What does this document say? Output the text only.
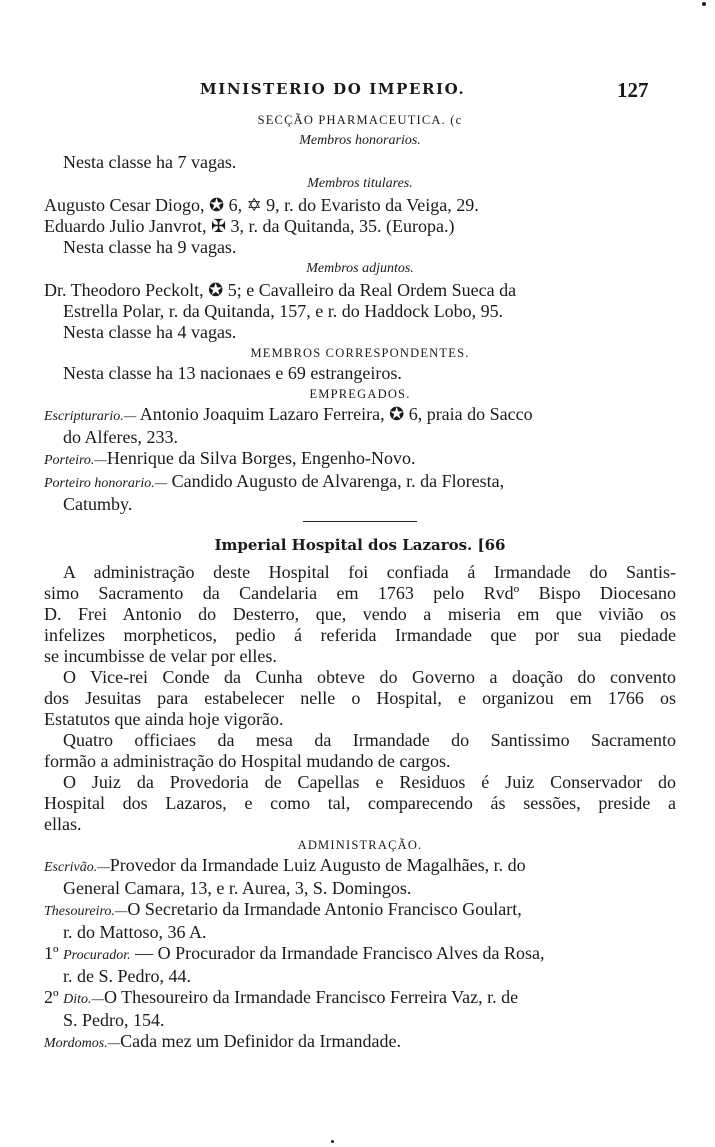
MINISTERIO DO IMPERIO.	127
SECÇÃO PHARMACEUTICA. (c
Membros honorarios.
Nesta classe ha 7 vagas.
Membros titulares.
Augusto Cesar Diogo, ✪ 6, ✡ 9, r. do Evaristo da Veiga, 29.
Eduardo Julio Janvrot, ✠ 3, r. da Quitanda, 35. (Europa.)
Nesta classe ha 9 vagas.
Membros adjuntos.
Dr. Theodoro Peckolt, ✪ 5; e Cavalleiro da Real Ordem Sueca da
Estrella Polar, r. da Quitanda, 157, e r. do Haddock Lobo, 95.
Nesta classe ha 4 vagas.
MEMBROS CORRESPONDENTES.
Nesta classe ha 13 nacionaes e 69 estrangeiros.
EMPREGADOS.
Escripturario.— Antonio Joaquim Lazaro Ferreira, ✪ 6, praia do Sacco
do Alferes, 233.
Porteiro.—Henrique da Silva Borges, Engenho-Novo.
Porteiro honorario.— Candido Augusto de Alvarenga, r. da Floresta,
Catumby.
Imperial Hospital dos Lazaros. [66
A administração deste Hospital foi confiada á Irmandade do Santis-
simo Sacramento da Candelaria em 1763 pelo Rvdº Bispo Diocesano
D. Frei Antonio do Desterro, que, vendo a miseria em que vivião os
infelizes morpheticos, pedio á referida Irmandade que por sua piedade
se incumbisse de velar por elles.
O Vice-rei Conde da Cunha obteve do Governo a doação do convento
dos Jesuitas para estabelecer nelle o Hospital, e organizou em 1766 os
Estatutos que ainda hoje vigorão.
Quatro officiaes da mesa da Irmandade do Santissimo Sacramento
formão a administração do Hospital mudando de cargos.
O Juiz da Provedoria de Capellas e Residuos é Juiz Conservador do
Hospital dos Lazaros, e como tal, comparecendo ás sessões, preside a
ellas.
ADMINISTRAÇÃO.
Escrivão.—Provedor da Irmandade Luiz Augusto de Magalhães, r. do
General Camara, 13, e r. Aurea, 3, S. Domingos.
Thesoureiro.—O Secretario da Irmandade Antonio Francisco Goulart,
r. do Mattoso, 36 A.
1º Procurador. — O Procurador da Irmandade Francisco Alves da Rosa,
r. de S. Pedro, 44.
2º Dito.—O Thesoureiro da Irmandade Francisco Ferreira Vaz, r. de
S. Pedro, 154.
Mordomos.—Cada mez um Definidor da Irmandade.
